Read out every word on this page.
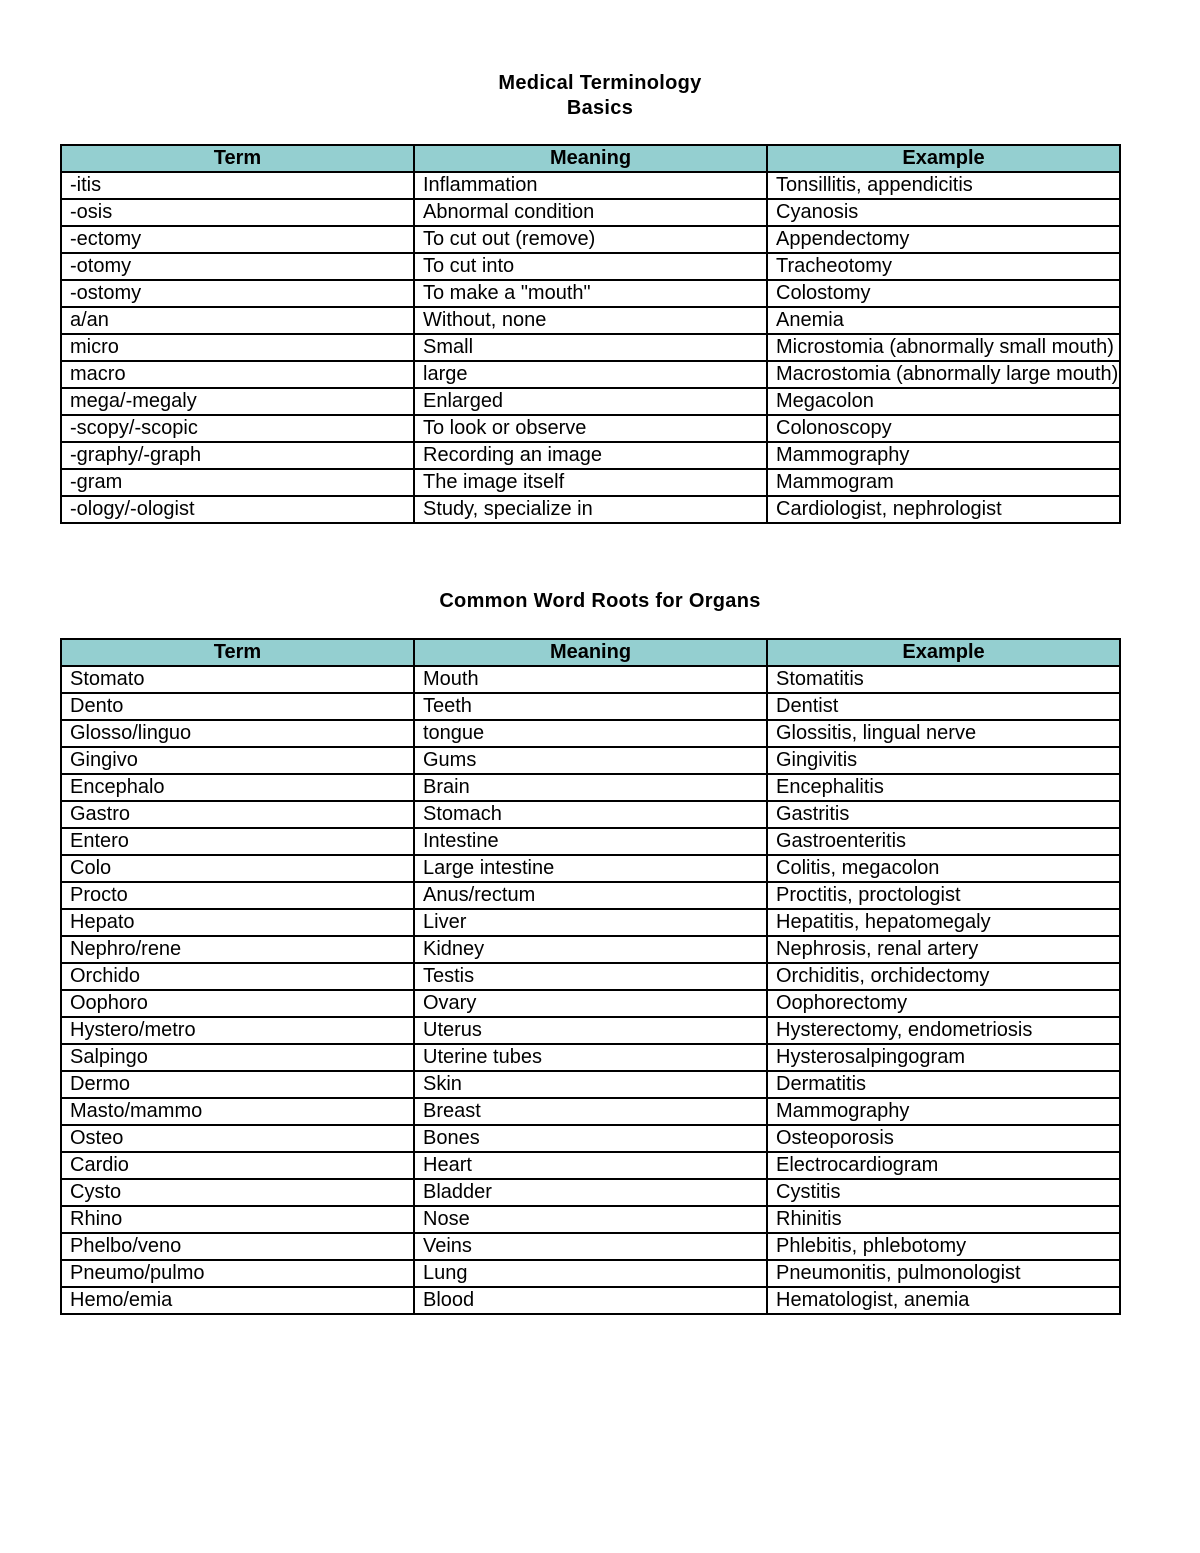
Medical Terminology
Basics
Term	Meaning	Example
-itis	Inflammation	Tonsillitis, appendicitis
-osis	Abnormal condition	Cyanosis
-ectomy	To cut out (remove)	Appendectomy
-otomy	To cut into	Tracheotomy
-ostomy	To make a "mouth"	Colostomy
a/an	Without, none	Anemia
micro	Small	Microstomia (abnormally small mouth)
macro	large	Macrostomia (abnormally large mouth)
mega/-megaly	Enlarged	Megacolon
-scopy/-scopic	To look or observe	Colonoscopy
-graphy/-graph	Recording an image	Mammography
-gram	The image itself	Mammogram
-ology/-ologist	Study, specialize in	Cardiologist, nephrologist
Common Word Roots for Organs
Term	Meaning	Example
Stomato	Mouth	Stomatitis
Dento	Teeth	Dentist
Glosso/linguo	tongue	Glossitis, lingual nerve
Gingivo	Gums	Gingivitis
Encephalo	Brain	Encephalitis
Gastro	Stomach	Gastritis
Entero	Intestine	Gastroenteritis
Colo	Large intestine	Colitis, megacolon
Procto	Anus/rectum	Proctitis, proctologist
Hepato	Liver	Hepatitis, hepatomegaly
Nephro/rene	Kidney	Nephrosis, renal artery
Orchido	Testis	Orchiditis, orchidectomy
Oophoro	Ovary	Oophorectomy
Hystero/metro	Uterus	Hysterectomy, endometriosis
Salpingo	Uterine tubes	Hysterosalpingogram
Dermo	Skin	Dermatitis
Masto/mammo	Breast	Mammography
Osteo	Bones	Osteoporosis
Cardio	Heart	Electrocardiogram
Cysto	Bladder	Cystitis
Rhino	Nose	Rhinitis
Phelbo/veno	Veins	Phlebitis, phlebotomy
Pneumo/pulmo	Lung	Pneumonitis, pulmonologist
Hemo/emia	Blood	Hematologist, anemia
